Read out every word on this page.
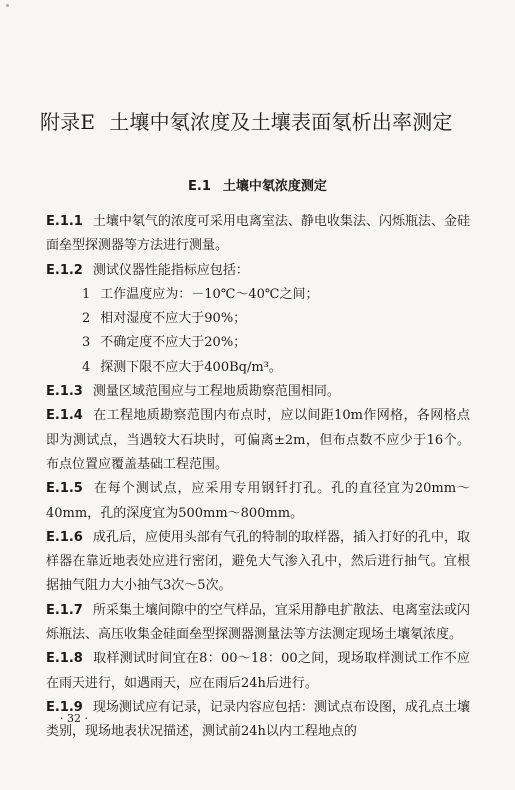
附录E 土壤中氡浓度及土壤表面氡析出率测定
E.1 土壤中氡浓度测定

E.1.1 土壤中氡气的浓度可采用电离室法、静电收集法、闪烁瓶法、金硅面垒型探测器等方法进行测量。

E.1.2 测试仪器性能指标应包括：

1 工作温度应为：－10℃～40℃之间；

2 相对湿度不应大于90%；

3 不确定度不应大于20%；

4 探测下限不应大于400Bq/m³。

E.1.3 测量区域范围应与工程地质勘察范围相同。

E.1.4 在工程地质勘察范围内布点时，应以间距10m作网格，各网格点即为测试点，当遇较大石块时，可偏离±2m，但布点数不应少于16个。布点位置应覆盖基础工程范围。

E.1.5 在每个测试点，应采用专用钢钎打孔。孔的直径宜为20mm～40mm，孔的深度宜为500mm～800mm。

E.1.6 成孔后，应使用头部有气孔的特制的取样器，插入打好的孔中，取样器在靠近地表处应进行密闭，避免大气渗入孔中，然后进行抽气。宜根据抽气阻力大小抽气3次～5次。

E.1.7 所采集土壤间隙中的空气样品，宜采用静电扩散法、电离室法或闪烁瓶法、高压收集金硅面垒型探测器测量法等方法测定现场土壤氡浓度。

E.1.8 取样测试时间宜在8：00～18：00之间，现场取样测试工作不应在雨天进行，如遇雨天，应在雨后24h后进行。

E.1.9 现场测试应有记录，记录内容应包括：测试点布设图，成孔点土壤类别，现场地表状况描述，测试前24h以内工程地点的

· 32 ·
